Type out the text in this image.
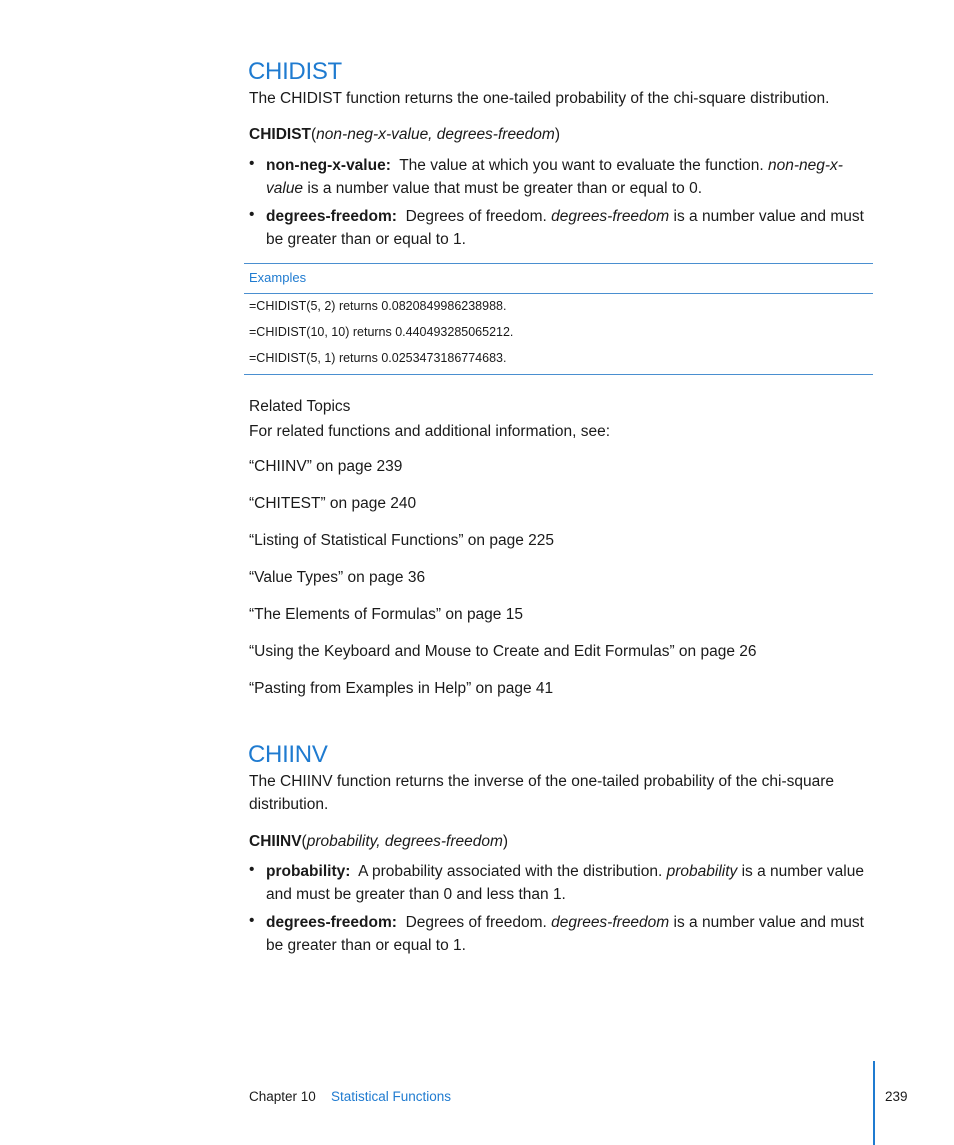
CHIDIST
The CHIDIST function returns the one-tailed probability of the chi-square distribution.
CHIDIST(non-neg-x-value, degrees-freedom)
• non-neg-x-value: The value at which you want to evaluate the function. non-neg-x-value is a number value that must be greater than or equal to 0.
• degrees-freedom: Degrees of freedom. degrees-freedom is a number value and must be greater than or equal to 1.
Examples
=CHIDIST(5, 2) returns 0.0820849986238988.
=CHIDIST(10, 10) returns 0.440493285065212.
=CHIDIST(5, 1) returns 0.0253473186774683.
Related Topics
For related functions and additional information, see:
“CHIINV” on page 239
“CHITEST” on page 240
“Listing of Statistical Functions” on page 225
“Value Types” on page 36
“The Elements of Formulas” on page 15
“Using the Keyboard and Mouse to Create and Edit Formulas” on page 26
“Pasting from Examples in Help” on page 41
CHIINV
The CHIINV function returns the inverse of the one-tailed probability of the chi-square distribution.
CHIINV(probability, degrees-freedom)
• probability: A probability associated with the distribution. probability is a number value and must be greater than 0 and less than 1.
• degrees-freedom: Degrees of freedom. degrees-freedom is a number value and must be greater than or equal to 1.
Chapter 10 Statistical Functions	239
